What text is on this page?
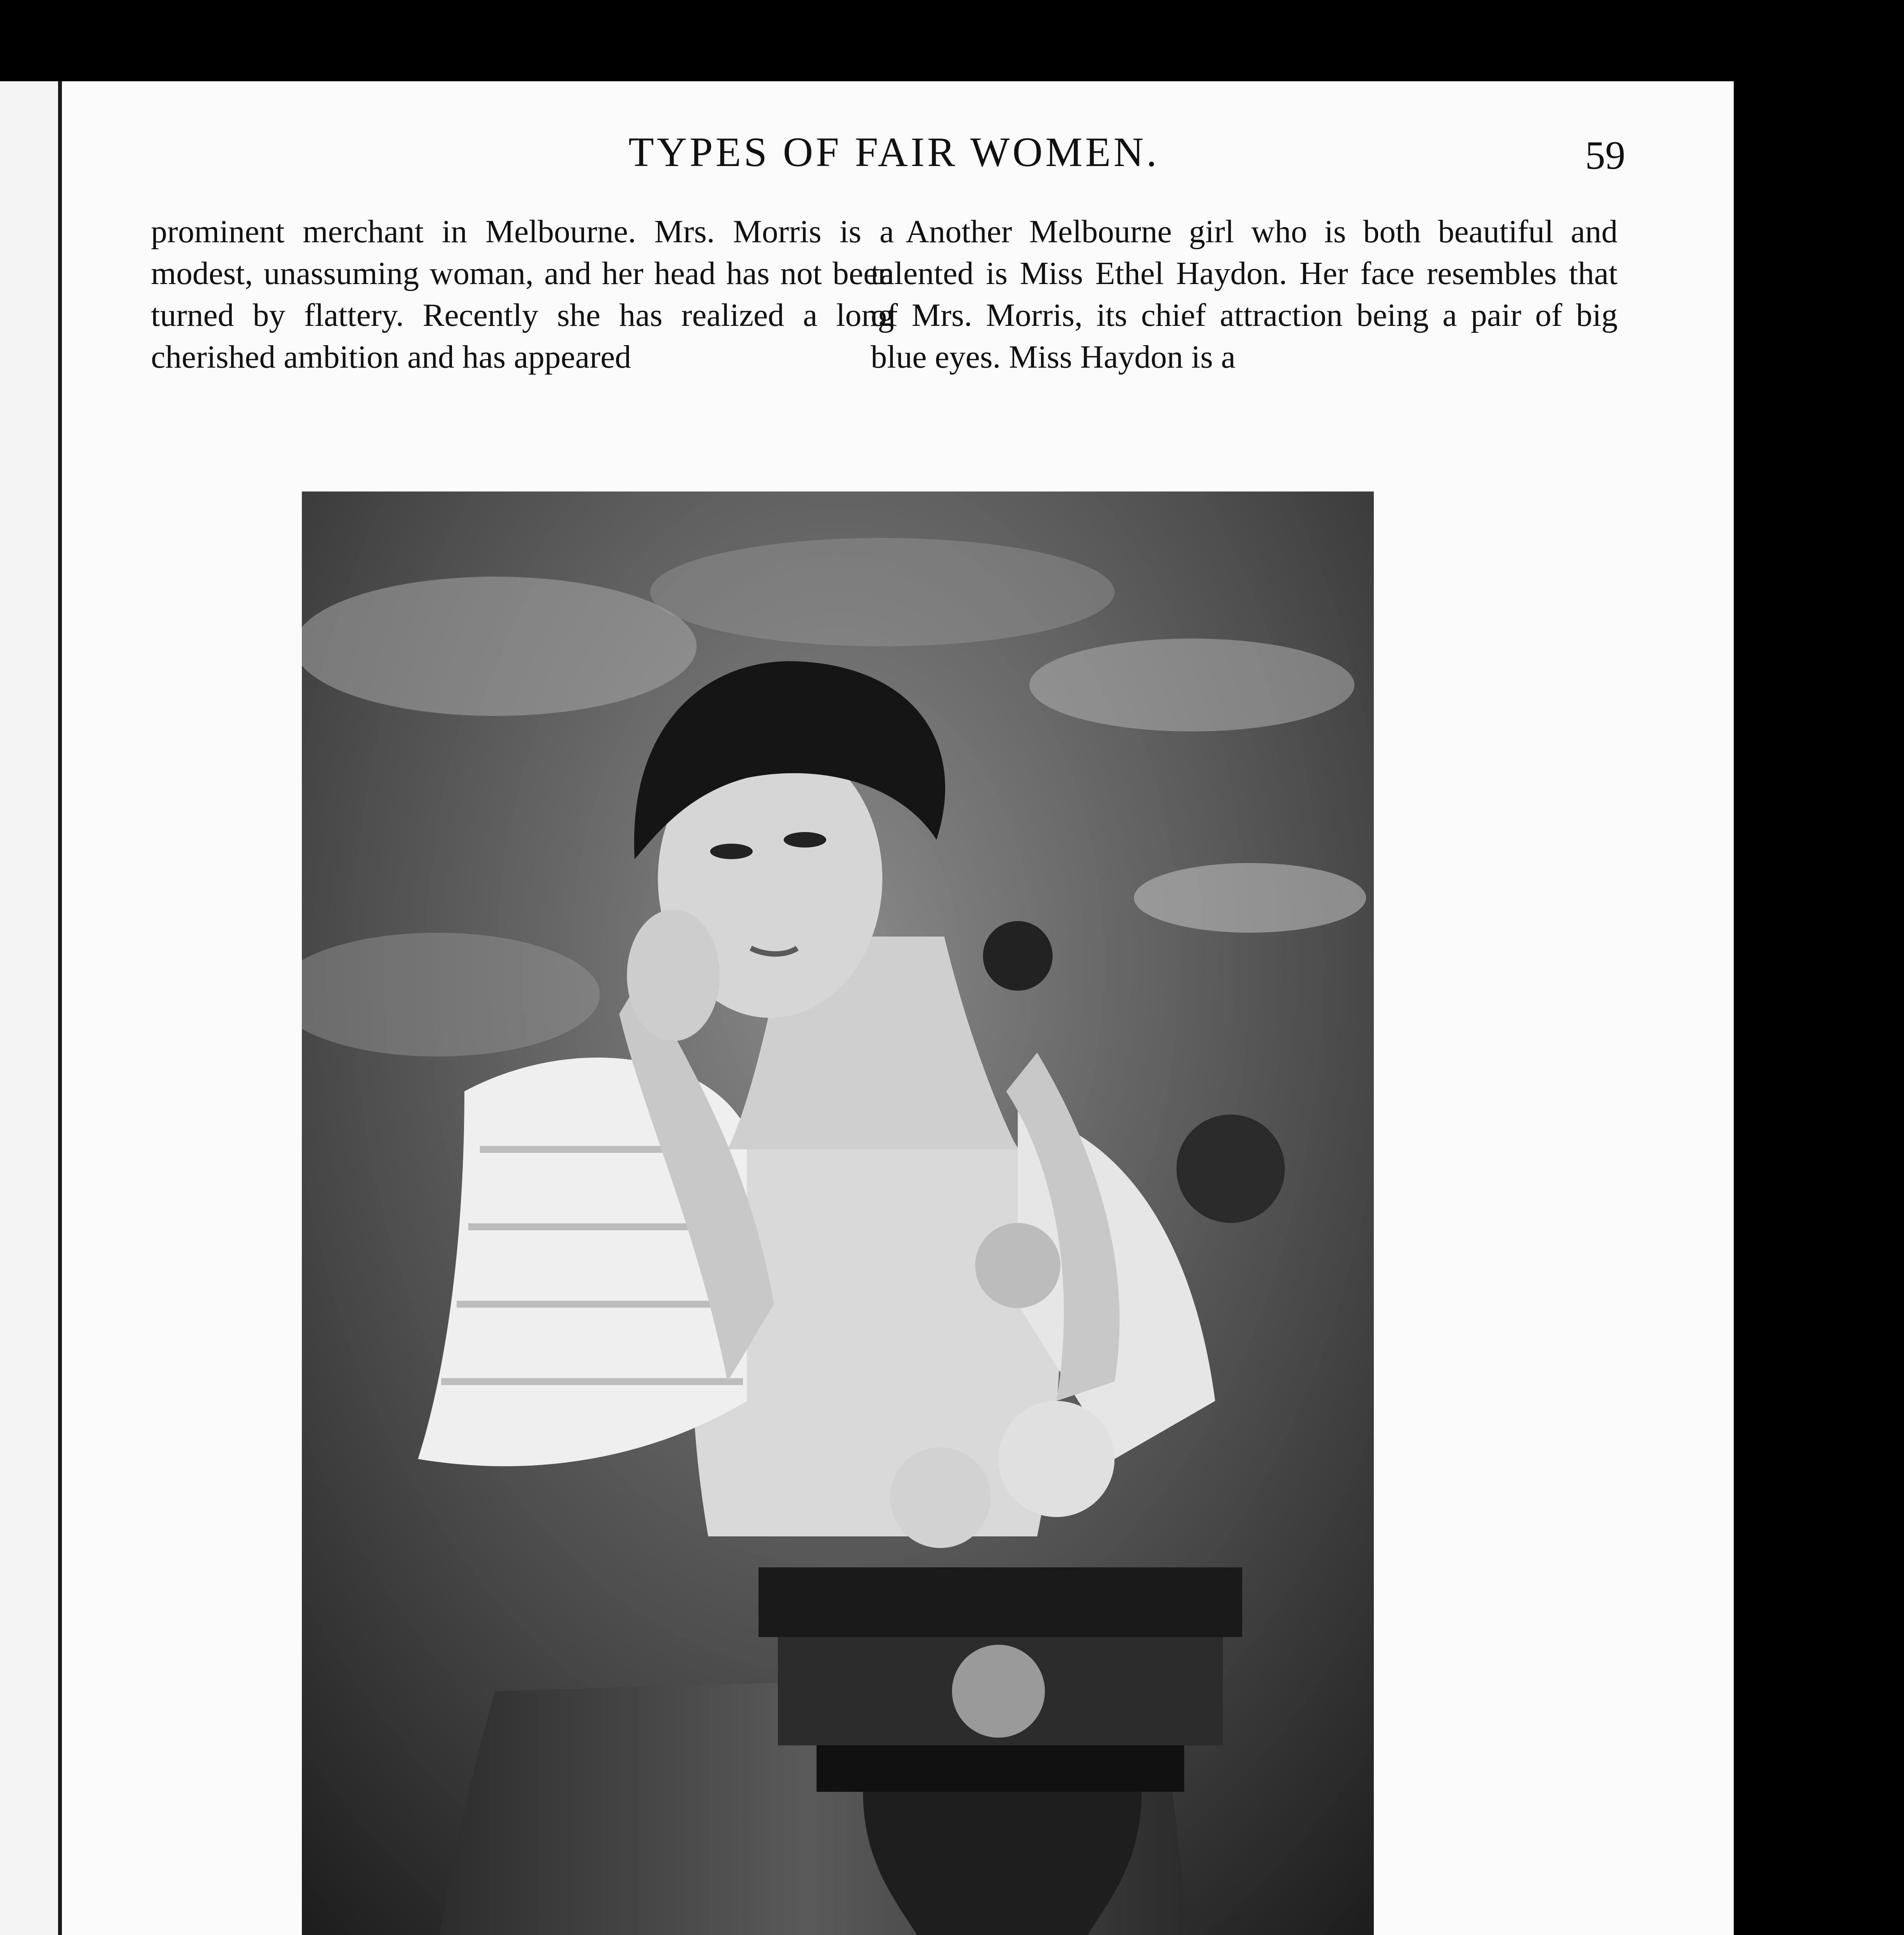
TYPES OF FAIR WOMEN.	59

prominent merchant in Melbourne. Mrs. Morris is a modest, unassuming woman, and her head has not been turned by flattery. Recently she has realized a long cherished ambition and has appeared

Another Melbourne girl who is both beautiful and talented is Miss Ethel Haydon. Her face resembles that of Mrs. Morris, its chief attraction being a pair of big blue eyes. Miss Haydon is a
